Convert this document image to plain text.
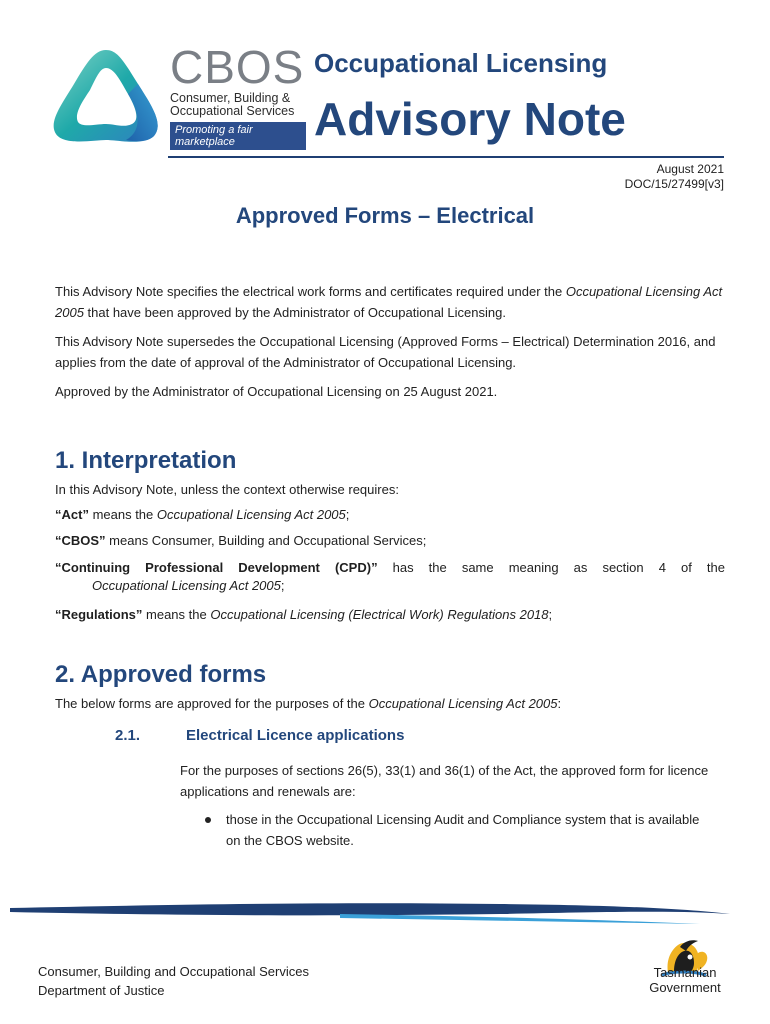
CBOS
Consumer, Building &
Occupational Services
Promoting a fair marketplace
Occupational Licensing
Advisory Note
August 2021
DOC/15/27499[v3]
Approved Forms – Electrical
This Advisory Note specifies the electrical work forms and certificates required under the Occupational Licensing Act 2005 that have been approved by the Administrator of Occupational Licensing.
This Advisory Note supersedes the Occupational Licensing (Approved Forms – Electrical) Determination 2016, and applies from the date of approval of the Administrator of Occupational Licensing.
Approved by the Administrator of Occupational Licensing on 25 August 2021.
1. Interpretation
In this Advisory Note, unless the context otherwise requires:
“Act” means the Occupational Licensing Act 2005;
“CBOS” means Consumer, Building and Occupational Services;
“Continuing Professional Development (CPD)” has the same meaning as section 4 of the
Occupational Licensing Act 2005;
“Regulations” means the Occupational Licensing (Electrical Work) Regulations 2018;
2. Approved forms
The below forms are approved for the purposes of the Occupational Licensing Act 2005:
2.1.	Electrical Licence applications
For the purposes of sections 26(5), 33(1) and 36(1) of the Act, the approved form for licence applications and renewals are:
those in the Occupational Licensing Audit and Compliance system that is available on the CBOS website.
Consumer, Building and Occupational Services
Department of Justice
Tasmanian
Government
